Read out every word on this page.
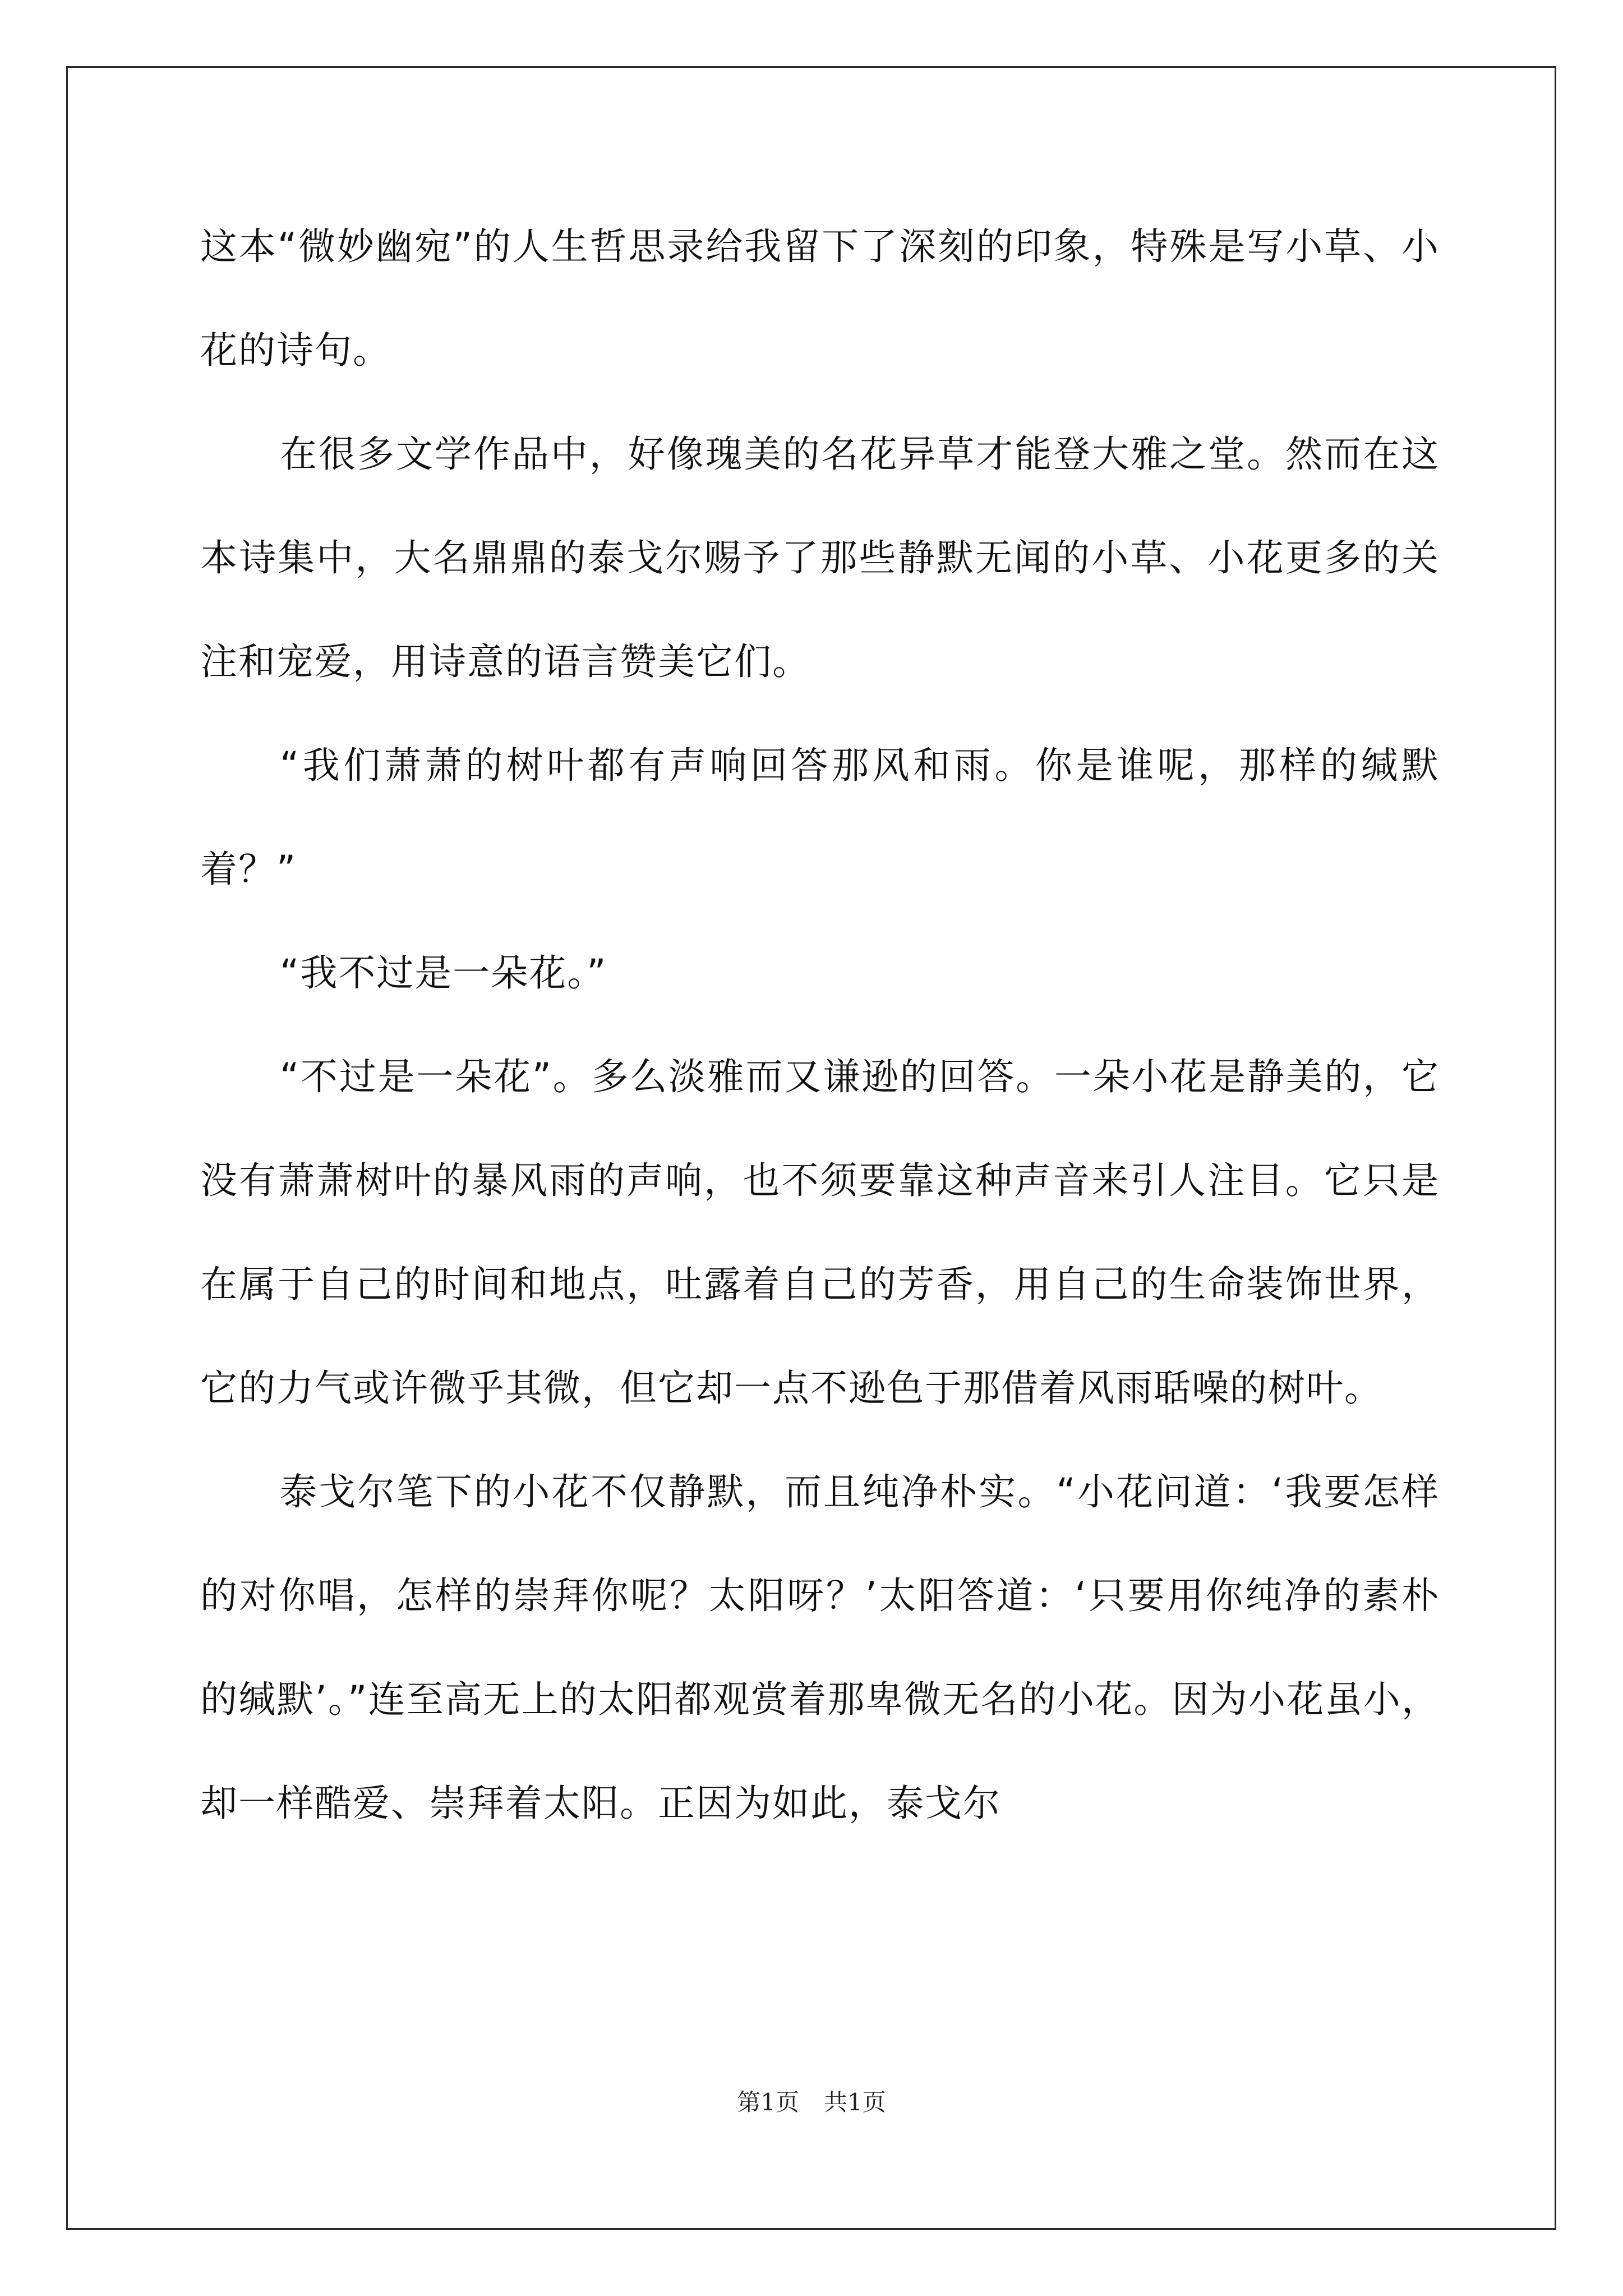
这本“微妙幽宛”的人生哲思录给我留下了深刻的印象，特殊是写小草、小花的诗句。

在很多文学作品中，好像瑰美的名花异草才能登大雅之堂。然而在这本诗集中，大名鼎鼎的泰戈尔赐予了那些静默无闻的小草、小花更多的关注和宠爱，用诗意的语言赞美它们。

“我们萧萧的树叶都有声响回答那风和雨。你是谁呢，那样的缄默着？”

“我不过是一朵花。”

“不过是一朵花”。多么淡雅而又谦逊的回答。一朵小花是静美的，它没有萧萧树叶的暴风雨的声响，也不须要靠这种声音来引人注目。它只是在属于自己的时间和地点，吐露着自己的芳香，用自己的生命装饰世界，它的力气或许微乎其微，但它却一点不逊色于那借着风雨聒噪的树叶。

泰戈尔笔下的小花不仅静默，而且纯净朴实。“小花问道：‘我要怎样的对你唱，怎样的崇拜你呢？太阳呀？’太阳答道：‘只要用你纯净的素朴的缄默’。”连至高无上的太阳都观赏着那卑微无名的小花。因为小花虽小，却一样酷爱、崇拜着太阳。正因为如此，泰戈尔

第1页 共1页
